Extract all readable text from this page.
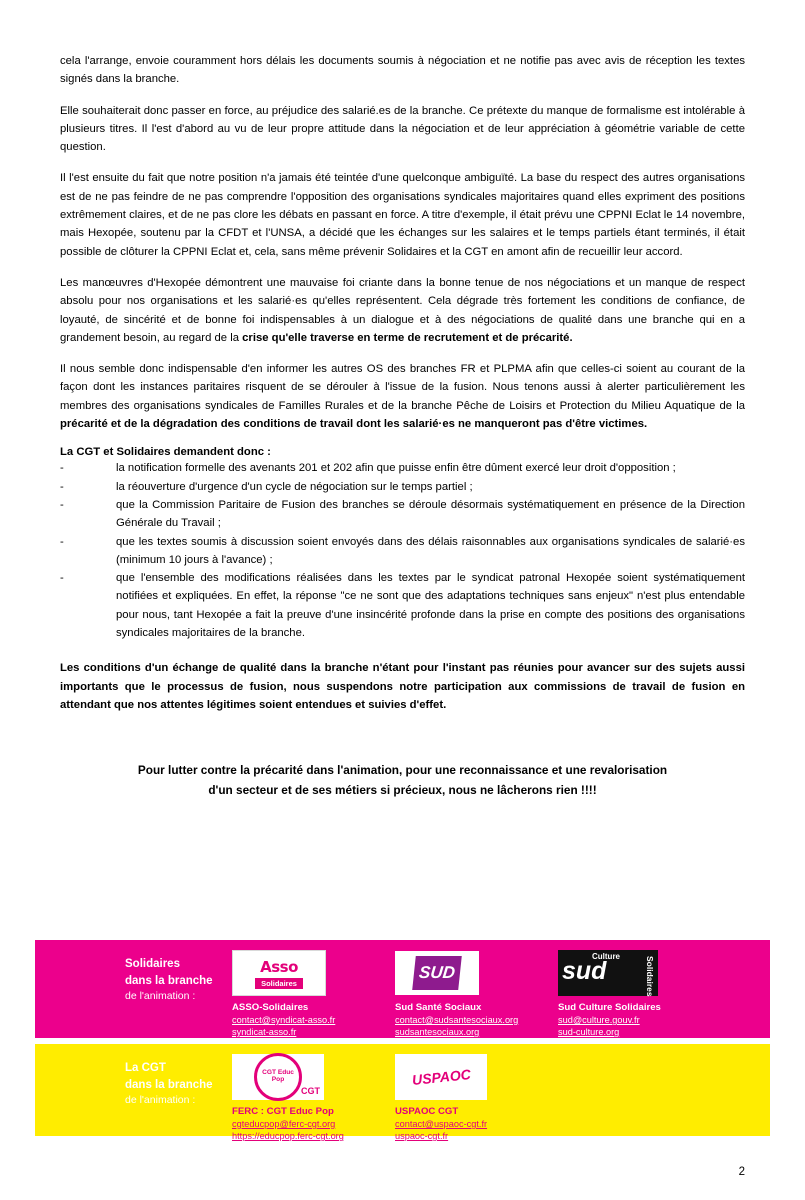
cela l'arrange, envoie couramment hors délais les documents soumis à négociation et ne notifie pas avec avis de réception les textes signés dans la branche.

Elle souhaiterait donc passer en force, au préjudice des salarié.es de la branche. Ce prétexte du manque de formalisme est intolérable à plusieurs titres. Il l'est d'abord au vu de leur propre attitude dans la négociation et de leur appréciation à géométrie variable de cette question.

Il l'est ensuite du fait que notre position n'a jamais été teintée d'une quelconque ambiguïté. La base du respect des autres organisations est de ne pas feindre de ne pas comprendre l'opposition des organisations syndicales majoritaires quand elles expriment des positions extrêmement claires, et de ne pas clore les débats en passant en force. A titre d'exemple, il était prévu une CPPNI Eclat le 14 novembre, mais Hexopée, soutenu par la CFDT et l'UNSA, a décidé que les échanges sur les salaires et le temps partiels étant terminés, il était possible de clôturer la CPPNI Eclat et, cela, sans même prévenir Solidaires et la CGT en amont afin de recueillir leur accord.

Les manœuvres d'Hexopée démontrent une mauvaise foi criante dans la bonne tenue de nos négociations et un manque de respect absolu pour nos organisations et les salarié·es qu'elles représentent. Cela dégrade très fortement les conditions de confiance, de loyauté, de sincérité et de bonne foi indispensables à un dialogue et à des négociations de qualité dans une branche qui en a grandement besoin, au regard de la crise qu'elle traverse en terme de recrutement et de précarité.

Il nous semble donc indispensable d'en informer les autres OS des branches FR et PLPMA afin que celles-ci soient au courant de la façon dont les instances paritaires risquent de se dérouler à l'issue de la fusion. Nous tenons aussi à alerter particulièrement les membres des organisations syndicales de Familles Rurales et de la branche Pêche de Loisirs et Protection du Milieu Aquatique de la précarité et de la dégradation des conditions de travail dont les salarié·es ne manqueront pas d'être victimes.

La CGT et Solidaires demandent donc :
-	la notification formelle des avenants 201 et 202 afin que puisse enfin être dûment exercé leur droit d'opposition ;
-	la réouverture d'urgence d'un cycle de négociation sur le temps partiel ;
-	que la Commission Paritaire de Fusion des branches se déroule désormais systématiquement en présence de la Direction Générale du Travail ;
-	que les textes soumis à discussion soient envoyés dans des délais raisonnables aux organisations syndicales de salarié·es (minimum 10 jours à l'avance) ;
-	que l'ensemble des modifications réalisées dans les textes par le syndicat patronal Hexopée soient systématiquement notifiées et expliquées. En effet, la réponse "ce ne sont que des adaptations techniques sans enjeux" n'est plus entendable pour nous, tant Hexopée a fait la preuve d'une insincérité profonde dans la prise en compte des positions des organisations syndicales majoritaires de la branche.

Les conditions d'un échange de qualité dans la branche n'étant pour l'instant pas réunies pour avancer sur des sujets aussi importants que le processus de fusion, nous suspendons notre participation aux commissions de travail de fusion en attendant que nos attentes légitimes soient entendues et suivies d'effet.

Pour lutter contre la précarité dans l'animation, pour une reconnaissance et une revalorisation
d'un secteur et de ses métiers si précieux, nous ne lâcherons rien !!!!
Solidaires
dans la branche
de l'animation :
Asso
Solidaires
ASSO-Solidaires
contact@syndicat-asso.fr
syndicat-asso.fr
SUD
Sud Santé Sociaux
contact@sudsantesociaux.org
sudsantesociaux.org
Culture
sud	Solidaires
Sud Culture Solidaires
sud@culture.gouv.fr
sud-culture.org
La CGT
dans la branche
de l'animation :
CGT Educ Pop
CGT
FERC : CGT Educ Pop
cgteducpop@ferc-cgt.org
https://educpop.ferc-cgt.org
USPAOC
USPAOC CGT
contact@uspaoc-cgt.fr
uspaoc-cgt.fr
2
